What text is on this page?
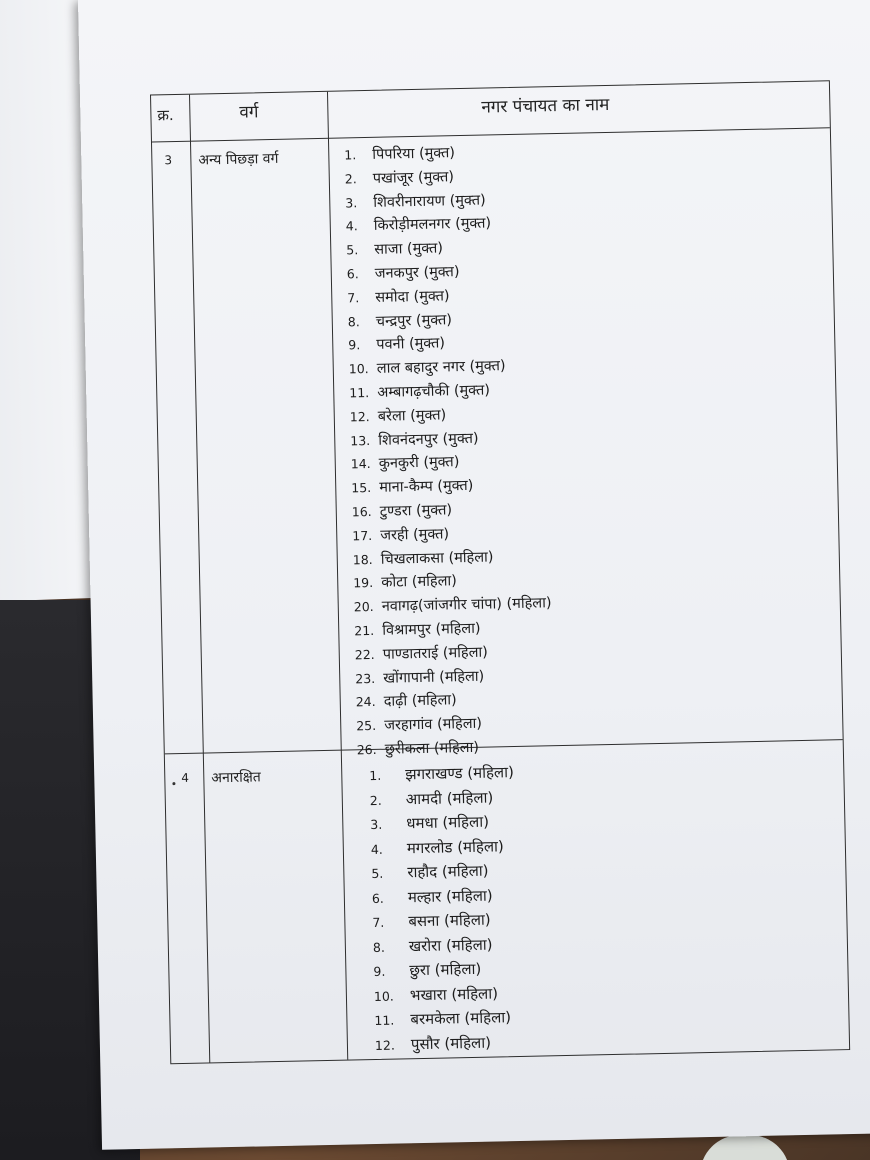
क्र.	वर्ग	नगर पंचायत का नाम
3 अन्य पिछड़ा वर्ग	1. पिपरिया (मुक्त)
2. पखांजूर (मुक्त)
3. शिवरीनारायण (मुक्त)
4. किरोड़ीमलनगर (मुक्त)
5. साजा (मुक्त)
6. जनकपुर (मुक्त)
7. समोदा (मुक्त)
8. चन्द्रपुर (मुक्त)
9. पवनी (मुक्त)
10. लाल बहादुर नगर (मुक्त)
11. अम्बागढ़चौकी (मुक्त)
12. बरेला (मुक्त)
13. शिवनंदनपुर (मुक्त)
14. कुनकुरी (मुक्त)
15. माना-कैम्प (मुक्त)
16. टुण्डरा (मुक्त)
17. जरही (मुक्त)
18. चिखलाकसा (महिला)
19. कोटा (महिला)
20. नवागढ़(जांजगीर चांपा) (महिला)
21. विश्रामपुर (महिला)
22. पाण्डातराई (महिला)
23. खोंगापानी (महिला)
24. दाढ़ी (महिला)
25. जरहागांव (महिला)
26. छुरीकला (महिला)
4 अनारक्षित	1. झगराखण्ड (महिला)
2. आमदी (महिला)
3. धमधा (महिला)
4. मगरलोड (महिला)
5. राहौद (महिला)
6. मल्हार (महिला)
7. बसना (महिला)
8. खरोरा (महिला)
9. छुरा (महिला)
10. भखारा (महिला)
11. बरमकेला (महिला)
12. पुसौर (महिला)
